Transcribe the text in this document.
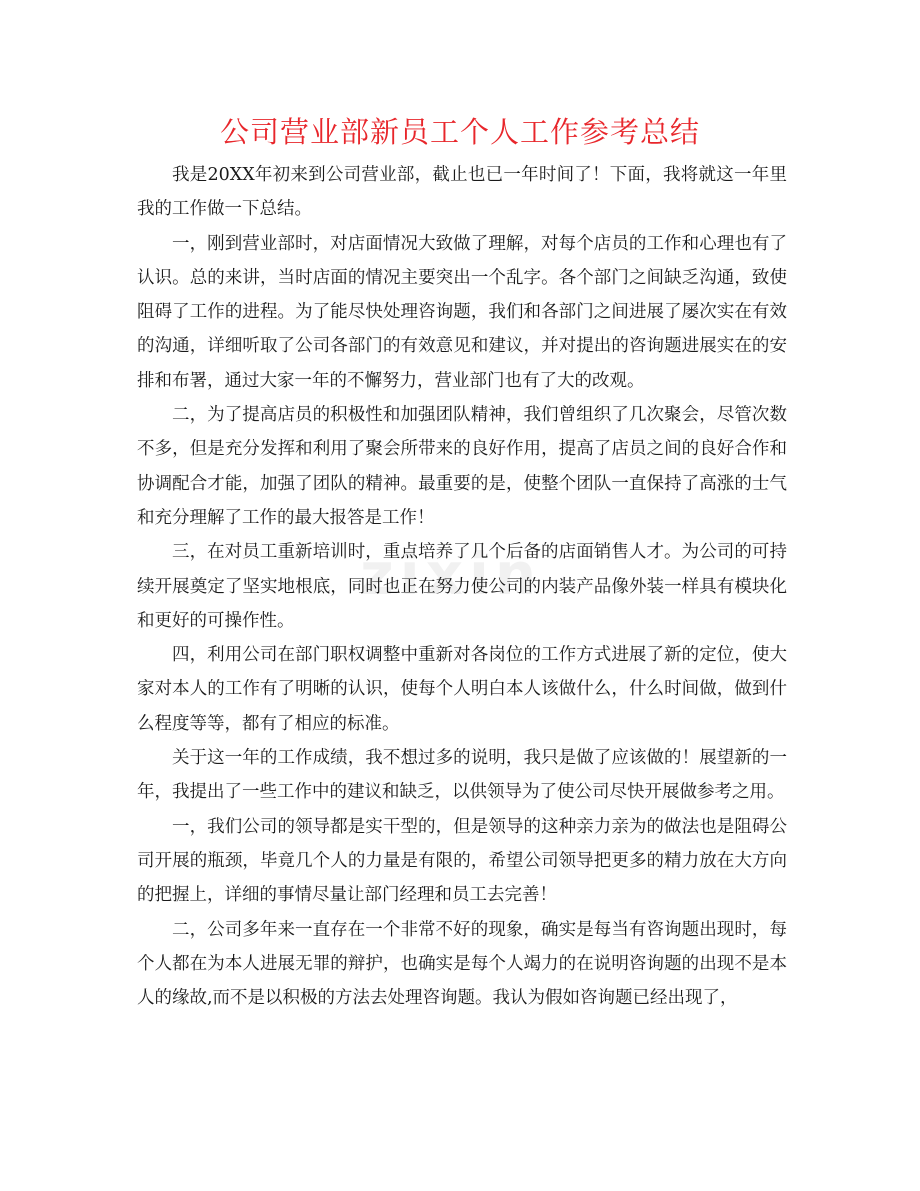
公司营业部新员工个人工作参考总结

我是20XX年初来到公司营业部，截止也已一年时间了！下面，我将就这一年里我的工作做一下总结。

一，刚到营业部时，对店面情况大致做了理解，对每个店员的工作和心理也有了认识。总的来讲，当时店面的情况主要突出一个乱字。各个部门之间缺乏沟通，致使阻碍了工作的进程。为了能尽快处理咨询题，我们和各部门之间进展了屡次实在有效的沟通，详细听取了公司各部门的有效意见和建议，并对提出的咨询题进展实在的安排和布署，通过大家一年的不懈努力，营业部门也有了大的改观。

二，为了提高店员的积极性和加强团队精神，我们曾组织了几次聚会，尽管次数不多，但是充分发挥和利用了聚会所带来的良好作用，提高了店员之间的良好合作和协调配合才能，加强了团队的精神。最重要的是，使整个团队一直保持了高涨的士气和充分理解了工作的最大报答是工作！

三，在对员工重新培训时，重点培养了几个后备的店面销售人才。为公司的可持续开展奠定了坚实地根底，同时也正在努力使公司的内装产品像外装一样具有模块化和更好的可操作性。

四，利用公司在部门职权调整中重新对各岗位的工作方式进展了新的定位，使大家对本人的工作有了明晰的认识，使每个人明白本人该做什么，什么时间做，做到什么程度等等，都有了相应的标准。

关于这一年的工作成绩，我不想过多的说明，我只是做了应该做的！展望新的一年，我提出了一些工作中的建议和缺乏，以供领导为了使公司尽快开展做参考之用。

一，我们公司的领导都是实干型的，但是领导的这种亲力亲为的做法也是阻碍公司开展的瓶颈，毕竟几个人的力量是有限的，希望公司领导把更多的精力放在大方向的把握上，详细的事情尽量让部门经理和员工去完善！

二，公司多年来一直存在一个非常不好的现象，确实是每当有咨询题出现时，每个人都在为本人进展无罪的辩护，也确实是每个人竭力的在说明咨询题的出现不是本人的缘故,而不是以积极的方法去处理咨询题。我认为假如咨询题已经出现了，

zixin
